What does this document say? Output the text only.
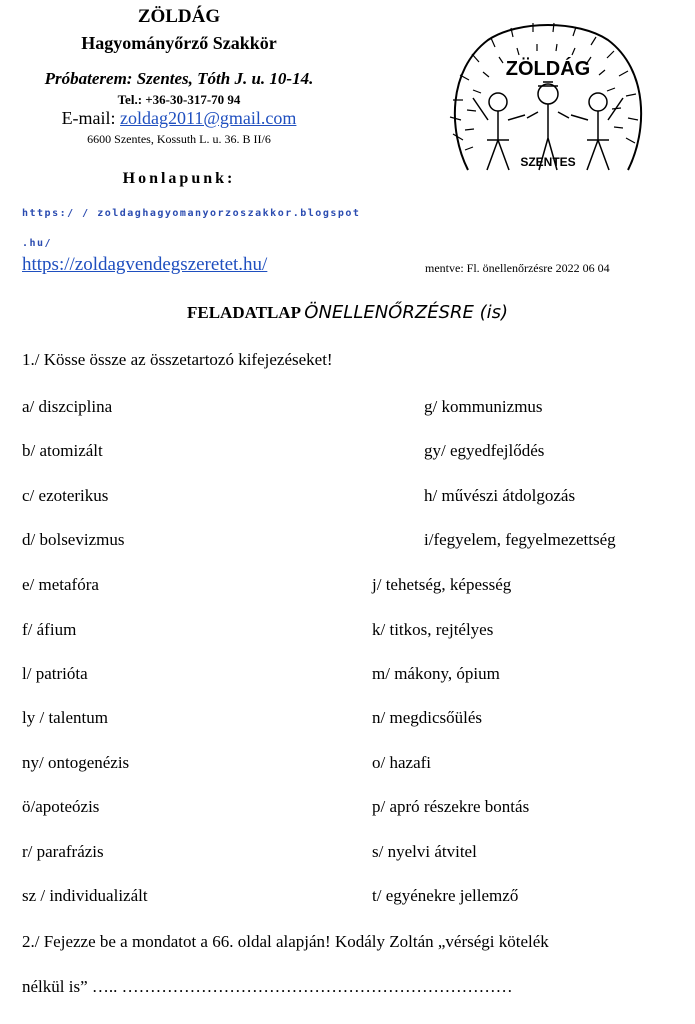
ZÖLDÁG
Hagyományőrző Szakkör
Próbaterem: Szentes, Tóth J. u. 10-14.
Tel.: +36-30-317-70 94
E-mail: zoldag2011@gmail.com
6600 Szentes, Kossuth L. u. 36. B II/6
Honlapunk:
https:/ / zoldaghagyomanyorzoszakkor.blogspot
.hu/
https://zoldagvendegszeretet.hu/	mentve: Fl. önellenőrzésre 2022 06 04
ZÖLDÁG
SZENTES
FELADATLAP ÖNELLENŐRZÉSRE (is)
1./ Kösse össze az összetartozó kifejezéseket!
a/ diszciplina
b/ atomizált
c/ ezoterikus
d/ bolsevizmus
e/ metafóra
f/ áfium
l/ patrióta
ly / talentum
ny/ ontogenézis
ö/apoteózis
r/ parafrázis
sz / individualizált
g/ kommunizmus
gy/ egyedfejlődés
h/ művészi átdolgozás
i/fegyelem, fegyelmezettség
j/ tehetség, képesség
k/ titkos, rejtélyes
m/ mákony, ópium
n/ megdicsőülés
o/ hazafi
p/ apró részekre bontás
s/ nyelvi átvitel
t/ egyénekre jellemző
2./ Fejezze be a mondatot a 66. oldal alapján! Kodály Zoltán „vérségi kötelék
nélkül is” ….. ……………………………………………………………
